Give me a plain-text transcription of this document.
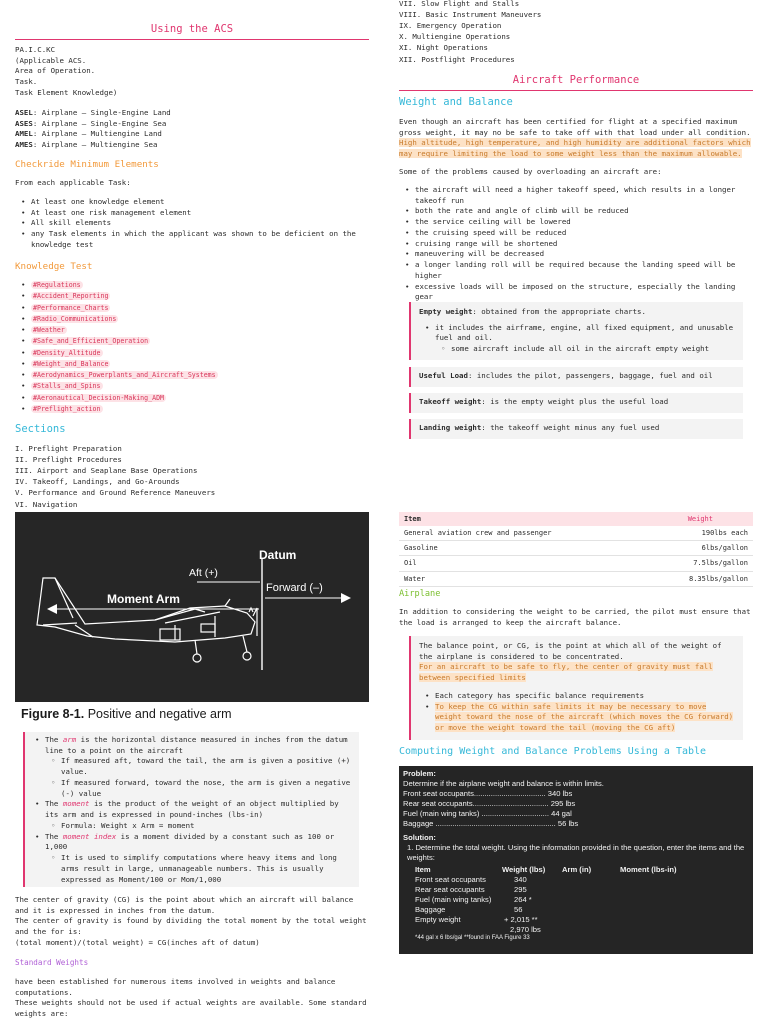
Using the ACS
PA.I.C.KC
(Applicable ACS.
Area of Operation.
Task.
Task Element Knowledge)
ASEL: Airplane – Single-Engine Land
ASES: Airplane – Single-Engine Sea
AMEL: Airplane – Multiengine Land
AMES: Airplane – Multiengine Sea
Checkride Minimum Elements
From each applicable Task:
• At least one knowledge element
• At least one risk management element
• All skill elements
• any Task elements in which the applicant was shown to be deficient on the knowledge test
Knowledge Test
• #Regulations
• #Accident_Reporting
• #Performance_Charts
• #Radio_Communications
• #Weather
• #Safe_and_Efficient_Operation
• #Density_Altitude
• #Weight_and_Balance
• #Aerodynamics_Powerplants_and_Aircraft_Systems
• #Stalls_and_Spins
• #Aeronautical_Decision-Making_ADM
• #Preflight_action
Sections
I. Preflight Preparation
II. Preflight Procedures
III. Airport and Seaplane Base Operations
IV. Takeoff, Landings, and Go-Arounds
V. Performance and Ground Reference Maneuvers
VI. Navigation
Datum
Aft (+)
Forward (–)
Moment Arm
Figure 8-1. Positive and negative arm
• The arm is the horizontal distance measured in inches from the datum line to a point on the aircraft
◦ If measured aft, toward the tail, the arm is given a positive (+) value.
◦ If measured forward, toward the nose, the arm is given a negative (-) value
• The moment is the product of the weight of an object multiplied by its arm and is expressed in pound-inches (lbs-in)
◦ Formula: Weight x Arm = moment
• The moment index is a moment divided by a constant such as 100 or 1,000
◦ It is used to simplify computations where heavy items and long arms result in large, unmanageable numbers. This is usually expressed as Moment/100 or Mom/1,000

The center of gravity (CG) is the point about which an aircraft will balance and it is expressed in inches from the datum.
The center of gravity is found by dividing the total moment by the total weight and the for is:
(total moment)/(total weight) = CG(inches aft of datum)

Standard Weights

have been established for numerous items involved in weights and balance computations.
These weights should not be used if actual weights are available. Some standard weights are:

VII. Slow Flight and Stalls
VIII. Basic Instrument Maneuvers
IX. Emergency Operation
X. Multiengine Operations
XI. Night Operations
XII. Postflight Procedures
Aircraft Performance
Weight and Balance
Even though an aircraft has been certified for flight at a specified maximum gross weight, it may no be safe to take off with that load under all condition. High altitude, high temperature, and high humidity are additional factors which may require limiting the load to some weight less than the maximum allowable.
Some of the problems caused by overloading an aircraft are:
• the aircraft will need a higher takeoff speed, which results in a longer takeoff run
• both the rate and angle of climb will be reduced
• the service ceiling will be lowered
• the cruising speed will be reduced
• cruising range will be shortened
• maneuvering will be decreased
• a longer landing roll will be required because the landing speed will be higher
• excessive loads will be imposed on the structure, especially the landing gear
Empty weight: obtained from the appropriate charts.
• it includes the airframe, engine, all fixed equipment, and unusable fuel and oil.
◦ some aircraft include all oil in the aircraft empty weight
Useful Load: includes the pilot, passengers, baggage, fuel and oil
Takeoff weight: is the empty weight plus the useful load
Landing weight: the takeoff weight minus any fuel used
Item	Weight
General aviation crew and passenger	190lbs each
Gasoline	6lbs/gallon
Oil	7.5lbs/gallon
Water	8.35lbs/gallon
Airplane
In addition to considering the weight to be carried, the pilot must ensure that the load is arranged to keep the aircraft balance.
The balance point, or CG, is the point at which all of the weight of the airplane is considered to be concentrated.
For an aircraft to be safe to fly, the center of gravity must fall between specified limits
• Each category has specific balance requirements
• To keep the CG within safe limits it may be necessary to move weight toward the nose of the aircraft (which moves the CG forward) or move the weight toward the tail (moving the CG aft)
Computing Weight and Balance Problems Using a Table
Problem:
Determine if the airplane weight and balance is within limits.
Front seat occupants.................................. 340 lbs
Rear seat occupants.................................... 295 lbs
Fuel (main wing tanks) ................................ 44 gal
Baggage ......................................................... 56 lbs
Solution:
1. Determine the total weight. Using the information provided in the question, enter the items and the weights:
Item	Weight (lbs)	Arm (in)	Moment (lbs-in)
Front seat occupants	340		
Rear seat occupants	295		
Fuel (main wing tanks)	264 *		
Baggage	56		
Empty weight	+ 2,015 **		
	2,970 lbs		
*44 gal x 6 lbs/gal **found in FAA Figure 33
